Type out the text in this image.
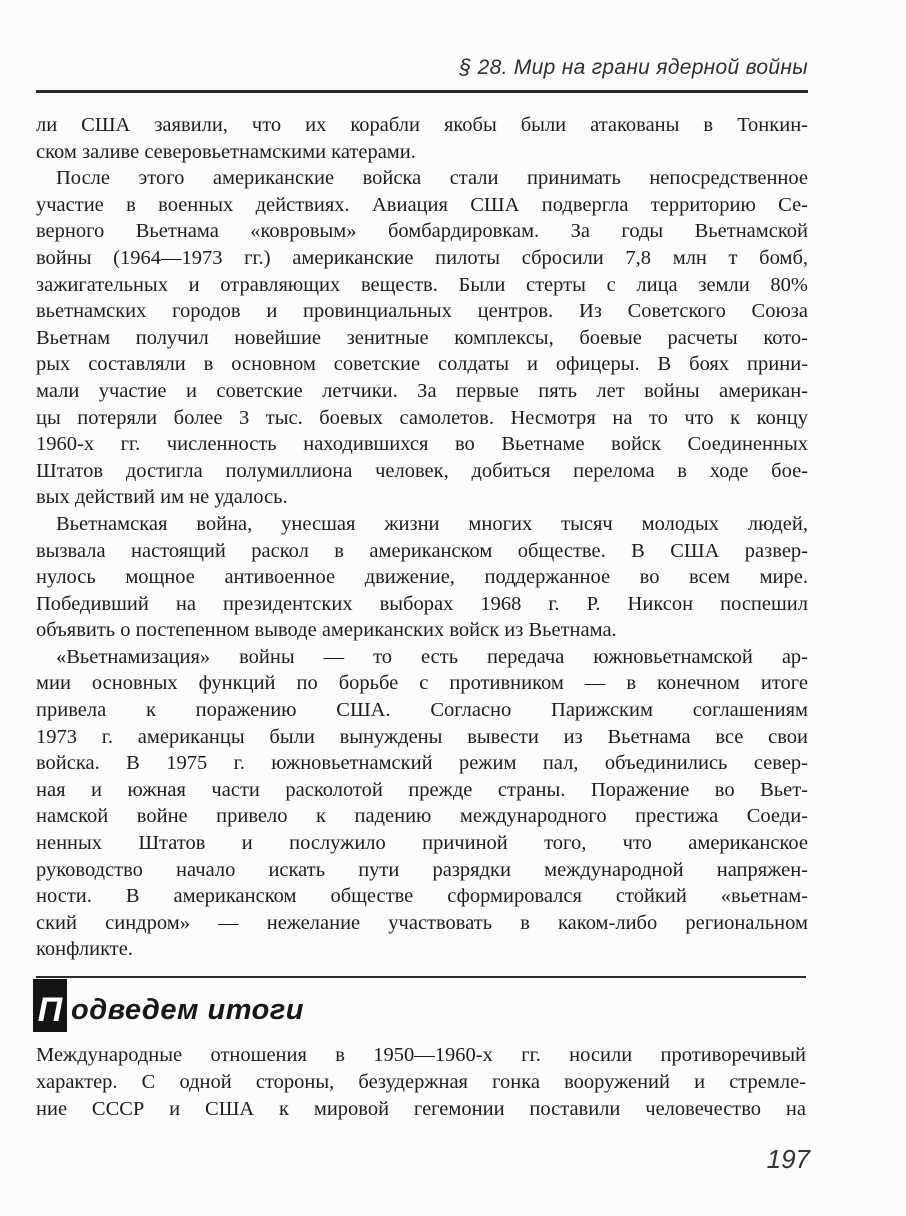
§ 28. Мир на грани ядерной войны
ли США заявили, что их корабли якобы были атакованы в Тонкин-
ском заливе северовьетнамскими катерами.
После этого американские войска стали принимать непосредственное
участие в военных действиях. Авиация США подвергла территорию Се-
верного Вьетнама «ковровым» бомбардировкам. За годы Вьетнамской
войны (1964—1973 гг.) американские пилоты сбросили 7,8 млн т бомб,
зажигательных и отравляющих веществ. Были стерты с лица земли 80%
вьетнамских городов и провинциальных центров. Из Советского Союза
Вьетнам получил новейшие зенитные комплексы, боевые расчеты кото-
рых составляли в основном советские солдаты и офицеры. В боях прини-
мали участие и советские летчики. За первые пять лет войны американ-
цы потеряли более 3 тыс. боевых самолетов. Несмотря на то что к концу
1960-х гг. численность находившихся во Вьетнаме войск Соединенных
Штатов достигла полумиллиона человек, добиться перелома в ходе бое-
вых действий им не удалось.
Вьетнамская война, унесшая жизни многих тысяч молодых людей,
вызвала настоящий раскол в американском обществе. В США развер-
нулось мощное антивоенное движение, поддержанное во всем мире.
Победивший на президентских выборах 1968 г. Р. Никсон поспешил
объявить о постепенном выводе американских войск из Вьетнама.
«Вьетнамизация» войны — то есть передача южновьетнамской ар-
мии основных функций по борьбе с противником — в конечном итоге
привела к поражению США. Согласно Парижским соглашениям
1973 г. американцы были вынуждены вывести из Вьетнама все свои
войска. В 1975 г. южновьетнамский режим пал, объединились север-
ная и южная части расколотой прежде страны. Поражение во Вьет-
намской войне привело к падению международного престижа Соеди-
ненных Штатов и послужило причиной того, что американское
руководство начало искать пути разрядки международной напряжен-
ности. В американском обществе сформировался стойкий «вьетнам-
ский синдром» — нежелание участвовать в каком-либо региональном
конфликте.
П одведем итоги
Международные отношения в 1950—1960-х гг. носили противоречивый
характер. С одной стороны, безудержная гонка вооружений и стремле-
ние СССР и США к мировой гегемонии поставили человечество на
197
